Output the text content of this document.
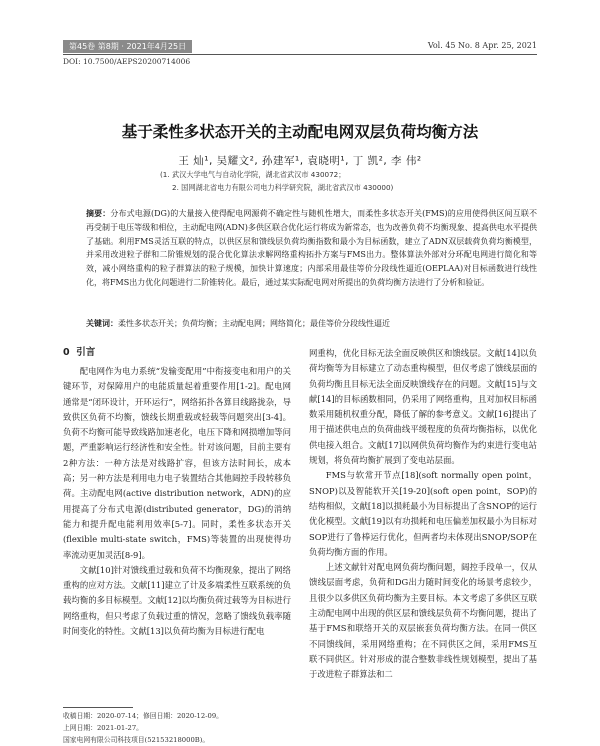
第45卷 第8期 · 2021年4月25日	Vol. 45 No. 8 Apr. 25, 2021
DOI: 10.7500/AEPS20200714006
基于柔性多状态开关的主动配电网双层负荷均衡方法
王 灿¹, 吴耀文², 孙建军¹, 袁晓明¹, 丁 凯², 李 伟²
(1. 武汉大学电气与自动化学院，湖北省武汉市 430072；
2. 国网湖北省电力有限公司电力科学研究院，湖北省武汉市 430000)
摘要：分布式电源(DG)的大量接入使得配电网源荷不确定性与随机性增大，而柔性多状态开关(FMS)的应用使得供区间互联不再受制于电压等级和相位，主动配电网(ADN)多供区联合优化运行将成为新常态，也为改善负荷不均衡现象、提高供电水平提供了基础。利用FMS灵活互联的特点，以供区层和馈线层负荷均衡指数和最小为目标函数，建立了ADN双层载荷负荷均衡模型，并采用改进粒子群和二阶锥规划的混合优化算法求解网络重构拓扑方案与FMS出力。整体算法外部对分环配电网进行简化和等效，减小网络重构的粒子群算法的粒子规模，加快计算速度；内部采用最佳等价分段线性逼近(OEPLAA)对目标函数进行线性化，将FMS出力优化问题进行二阶锥转化。最后，通过某实际配电网对所提出的负荷均衡方法进行了分析和验证。
关键词：柔性多状态开关；负荷均衡；主动配电网；网络简化；最佳等价分段线性逼近
0 引言

配电网作为电力系统“发输变配用”中衔接变电和用户的关键环节，对保障用户的电能质量起着重要作用[1-2]。配电网通常是“闭环设计，开环运行”，网络拓扑各算目线路拢杂，导致供区负荷不均衡，馈线长期重载或轻载等问题突出[3-4]。负荷不均衡可能导致线路加速老化，电压下降和网损增加等问题，严重影响运行经济性和安全性。针对该问题，目前主要有2种方法：一种方法是对线路扩容，但该方法时间长，成本高；另一种方法是利用电力电子装置结合其他阔控手段转移负荷。主动配电网(active distribution network，ADN)的应用提高了分布式电源(distributed generator，DG)的消纳能力和提升配电能利用效率[5-7]。同时，柔性多状态开关(flexible multi-state switch，FMS)等装置的出现使得功率流动更加灵活[8-9]。

文献[10]针对馈线重过载和负荷不均衡现象，提出了网络重构的应对方法。文献[11]建立了计及多端柔性互联系统的负载均衡的多目标模型。文献[12]以均衡负荷过载等为目标进行网络重构，但只考虑了负载过重的情况，忽略了馈线负载率随时间变化的特性。文献[13]以负荷均衡为目标进行配电

网重构，优化目标无法全面反映供区和馈线层。文献[14]以负荷均衡等为目标建立了动态重构模型，但仅考虑了馈线层面的负荷均衡且目标无法全面反映馈线存在的问题。文献[15]与文献[14]的目标函数相同，仍采用了网络重构，且对加权目标函数采用随机权重分配，降低了解的参考意义。文献[16]提出了用于描述供电点的负荷曲线平缓程度的负荷均衡指标，以优化供电接入组合。文献[17]以网供负荷均衡作为约束进行变电站规划，将负荷均衡扩展到了变电站层面。

FMS与软常开节点[18](soft normally open point，SNOP)以及智能软开关[19-20](soft open point，SOP)的结构相似，文献[18]以损耗最小为目标提出了含SNOP的运行优化模型。文献[19]以有功损耗和电压偏差加权最小为目标对SOP进行了鲁棒运行优化，但两者均未体现出SNOP/SOP在负荷均衡方面的作用。

上述文献针对配电网负荷均衡问题，阔控手段单一，仅从馈线层面考虑，负荷和DG出力随时间变化的场景考虑较少，且很少以多供区负荷均衡为主要目标。本文考虑了多供区互联主动配电网中出现的供区层和馈线层负荷不均衡问题，提出了基于FMS和联络开关的双层嵌套负荷均衡方法。在同一供区不同馈线间，采用网络重构；在不同供区之间，采用FMS互联不同供区。针对形成的混合整数非线性规划模型，提出了基于改进粒子群算法和二

收稿日期：2020-07-14；修回日期：2020-12-09。
上网日期：2021-01-27。
国家电网有限公司科技项目(52153218000B)。
